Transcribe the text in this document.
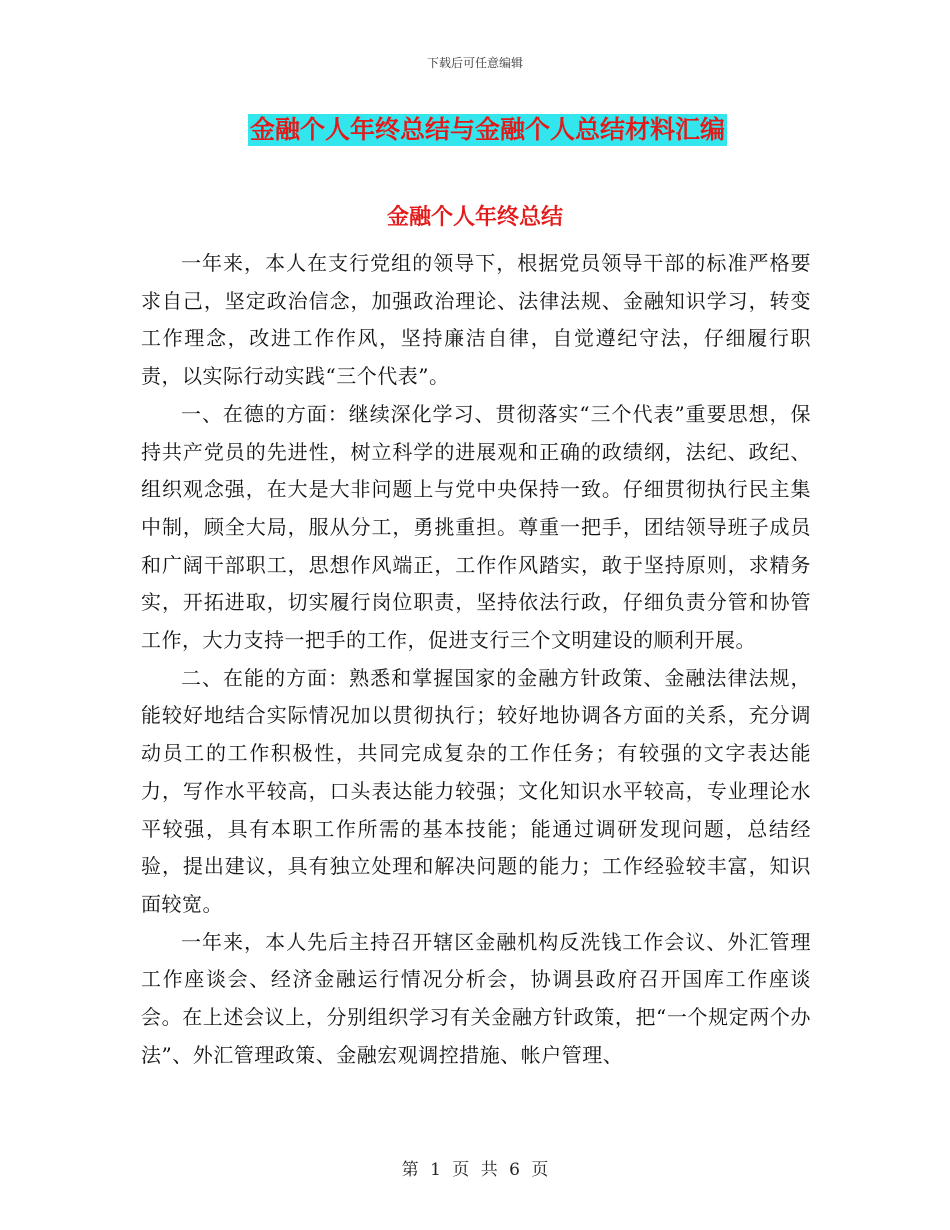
下载后可任意编辑
金融个人年终总结与金融个人总结材料汇编
金融个人年终总结

一年来，本人在支行党组的领导下，根据党员领导干部的标准严格要求自己，坚定政治信念，加强政治理论、法律法规、金融知识学习，转变工作理念，改进工作作风，坚持廉洁自律，自觉遵纪守法，仔细履行职责，以实际行动实践“三个代表”。

一、在德的方面：继续深化学习、贯彻落实“三个代表”重要思想，保持共产党员的先进性，树立科学的进展观和正确的政绩纲，法纪、政纪、组织观念强，在大是大非问题上与党中央保持一致。仔细贯彻执行民主集中制，顾全大局，服从分工，勇挑重担。尊重一把手，团结领导班子成员和广阔干部职工，思想作风端正，工作作风踏实，敢于坚持原则，求精务实，开拓进取，切实履行岗位职责，坚持依法行政，仔细负责分管和协管工作，大力支持一把手的工作，促进支行三个文明建设的顺利开展。

二、在能的方面：熟悉和掌握国家的金融方针政策、金融法律法规，能较好地结合实际情况加以贯彻执行；较好地协调各方面的关系，充分调动员工的工作积极性，共同完成复杂的工作任务；有较强的文字表达能力，写作水平较高，口头表达能力较强；文化知识水平较高，专业理论水平较强，具有本职工作所需的基本技能；能通过调研发现问题，总结经验，提出建议，具有独立处理和解决问题的能力；工作经验较丰富，知识面较宽。

一年来，本人先后主持召开辖区金融机构反洗钱工作会议、外汇管理工作座谈会、经济金融运行情况分析会，协调县政府召开国库工作座谈会。在上述会议上，分别组织学习有关金融方针政策，把“一个规定两个办法”、外汇管理政策、金融宏观调控措施、帐户管理、

第 1 页 共 6 页
